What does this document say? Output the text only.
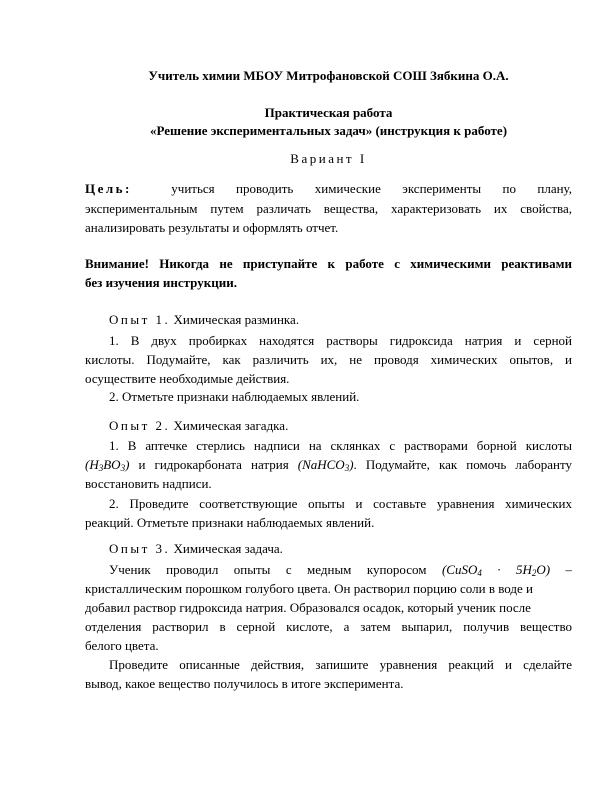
Учитель химии МБОУ Митрофановской СОШ Зябкина О.А.
Практическая работа
«Решение экспериментальных задач» (инструкция к работе)
Вариант I
Цель:	учиться проводить химические эксперименты по плану,
экспериментальным путем различать вещества, характеризовать их свойства,
анализировать результаты и оформлять отчет.
Внимание! Никогда не приступайте к работе с химическими реактивами
без изучения инструкции.
Опыт 1. Химическая разминка.
1. В двух пробирках находятся растворы гидроксида натрия и серной
кислоты. Подумайте, как различить их, не проводя химических опытов, и
осуществите необходимые действия.
2. Отметьте признаки наблюдаемых явлений.
Опыт 2. Химическая загадка.
1. В аптечке стерлись надписи на склянках с растворами борной кислоты
$(H_3BO_3)$ и гидрокарбоната натрия (NaHCO$_3$). Подумайте, как помочь лаборанту
восстановить надписи.
2. Проведите соответствующие опыты и составьте уравнения химических
реакций. Отметьте признаки наблюдаемых явлений.
Опыт 3. Химическая задача.
Ученик проводил опыты с медным купоросом (CuSO$_4$ · $5H_2O$) –
кристаллическим порошком голубого цвета. Он растворил порцию соли в воде и
добавил раствор гидроксида натрия. Образовался осадок, который ученик после
отделения растворил в серной кислоте, а затем выпарил, получив вещество
белого цвета.
Проведите описанные действия, запишите уравнения реакций и сделайте
вывод, какое вещество получилось в итоге эксперимента.
